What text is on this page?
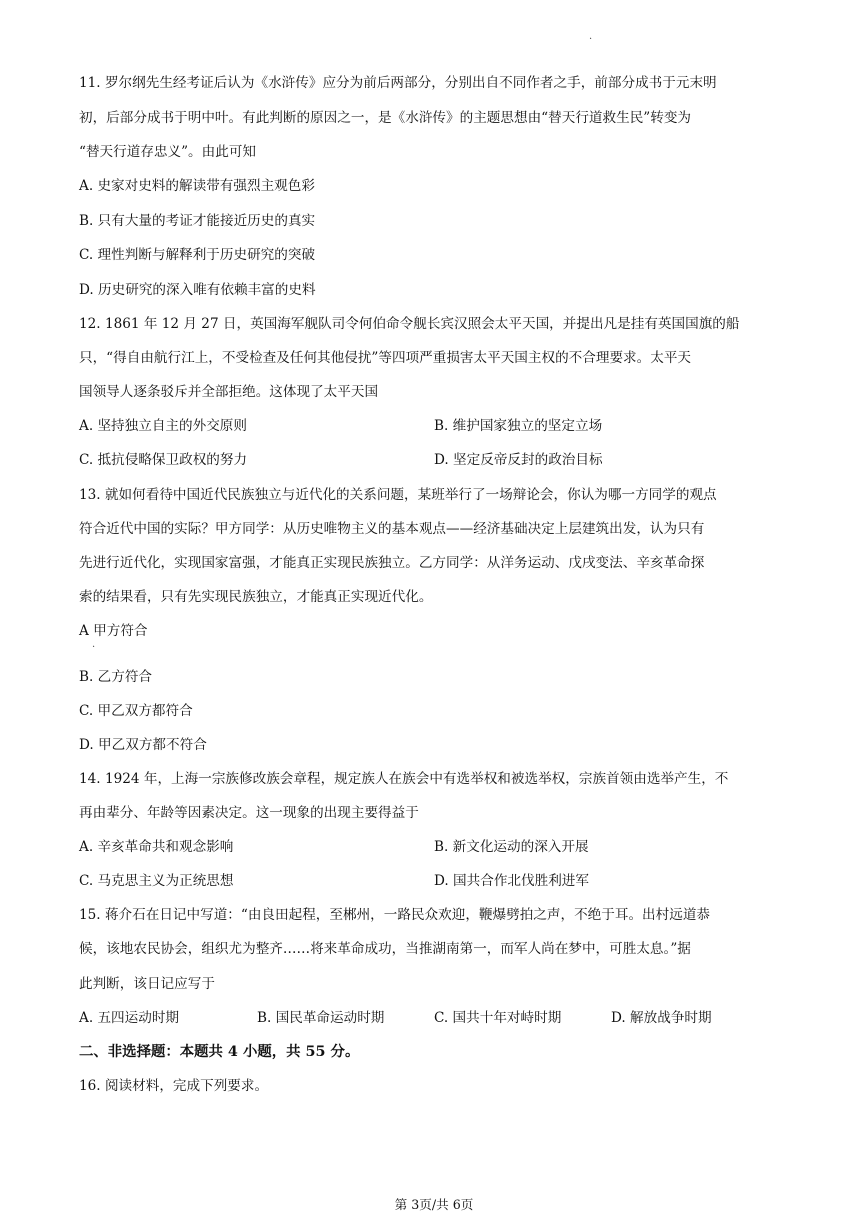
·
11. 罗尔纲先生经考证后认为《水浒传》应分为前后两部分，分别出自不同作者之手，前部分成书于元末明
初，后部分成书于明中叶。有此判断的原因之一，是《水浒传》的主题思想由“替天行道救生民”转变为
“替天行道存忠义”。由此可知
A. 史家对史料的解读带有强烈主观色彩
B. 只有大量的考证才能接近历史的真实
C. 理性判断与解释利于历史研究的突破
D. 历史研究的深入唯有依赖丰富的史料
12. 1861 年 12 月 27 日，英国海军舰队司令何伯命令舰长宾汉照会太平天国，并提出凡是挂有英国国旗的船
只，“得自由航行江上，不受检查及任何其他侵扰”等四项严重损害太平天国主权的不合理要求。太平天
国领导人逐条驳斥并全部拒绝。这体现了太平天国
A. 坚持独立自主的外交原则	B. 维护国家独立的坚定立场
C. 抵抗侵略保卫政权的努力	D. 坚定反帝反封的政治目标
13. 就如何看待中国近代民族独立与近代化的关系问题，某班举行了一场辩论会，你认为哪一方同学的观点
符合近代中国的实际？甲方同学：从历史唯物主义的基本观点——经济基础决定上层建筑出发，认为只有
先进行近代化，实现国家富强，才能真正实现民族独立。乙方同学：从洋务运动、戊戌变法、辛亥革命探
索的结果看，只有先实现民族独立，才能真正实现近代化。
A 甲方符合
·
B. 乙方符合
C. 甲乙双方都符合
D. 甲乙双方都不符合
14. 1924 年，上海一宗族修改族会章程，规定族人在族会中有选举权和被选举权，宗族首领由选举产生，不
再由辈分、年龄等因素决定。这一现象的出现主要得益于
A. 辛亥革命共和观念影响	B. 新文化运动的深入开展
C. 马克思主义为正统思想	D. 国共合作北伐胜利进军
15. 蒋介石在日记中写道：“由良田起程，至郴州，一路民众欢迎，鞭爆劈拍之声，不绝于耳。出村远道恭
候，该地农民协会，组织尤为整齐……将来革命成功，当推湖南第一，而军人尚在梦中，可胜太息。”据
此判断，该日记应写于
A. 五四运动时期	B. 国民革命运动时期	C. 国共十年对峙时期	D. 解放战争时期
二、非选择题：本题共 4 小题，共 55 分。
16. 阅读材料，完成下列要求。
第 3页/共 6页
